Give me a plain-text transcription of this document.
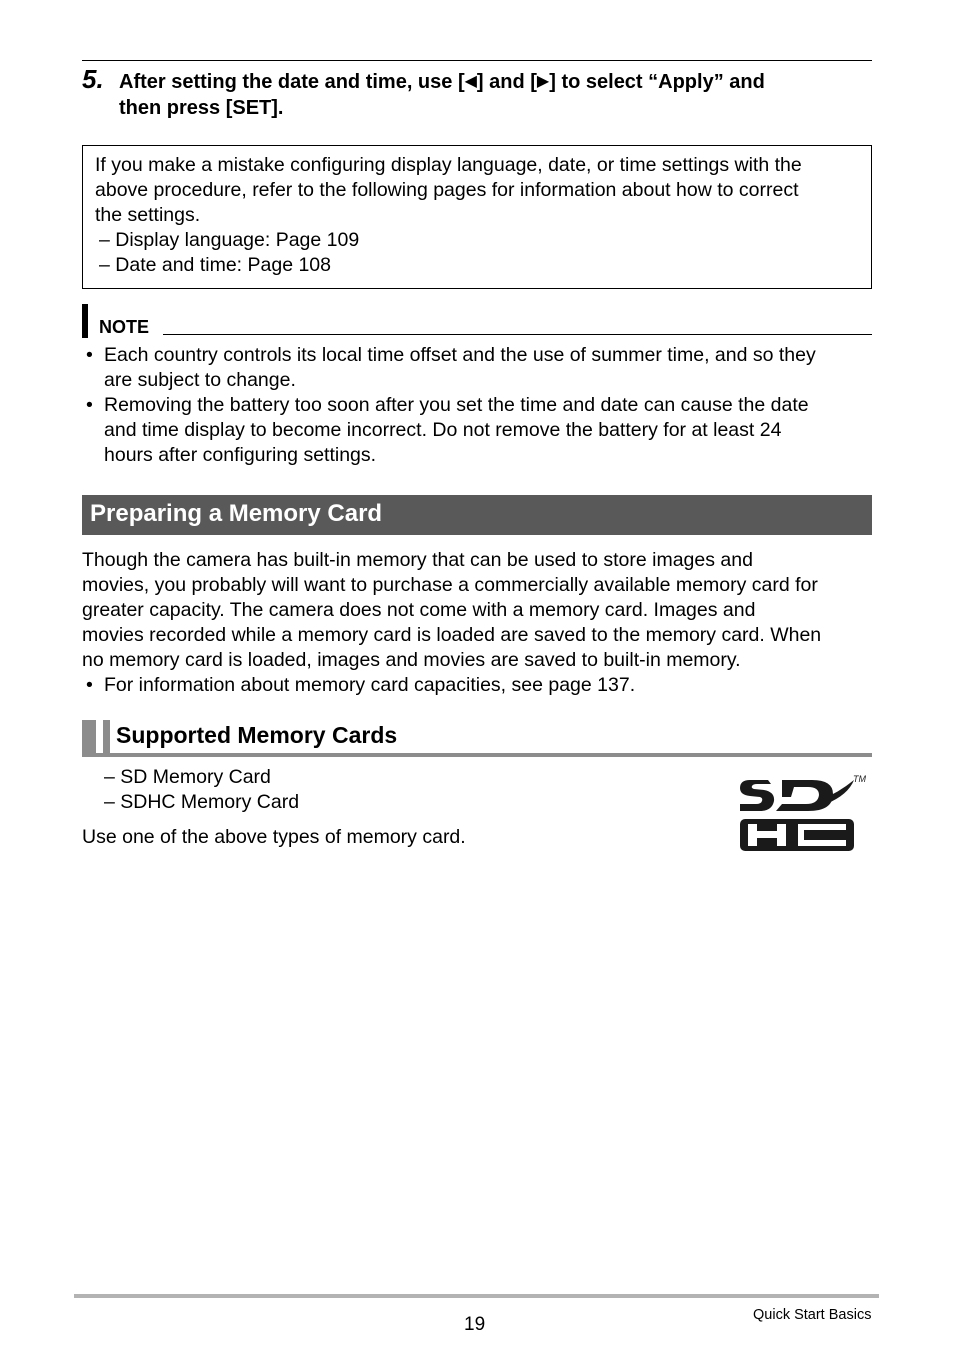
5. After setting the date and time, use [◀] and [▶] to select “Apply” and
then press [SET].
If you make a mistake configuring display language, date, or time settings with the
above procedure, refer to the following pages for information about how to correct
the settings.
– Display language: Page 109
– Date and time: Page 108
NOTE
• Each country controls its local time offset and the use of summer time, and so they
are subject to change.
• Removing the battery too soon after you set the time and date can cause the date
and time display to become incorrect. Do not remove the battery for at least 24
hours after configuring settings.
Preparing a Memory Card
Though the camera has built-in memory that can be used to store images and
movies, you probably will want to purchase a commercially available memory card for
greater capacity. The camera does not come with a memory card. Images and
movies recorded while a memory card is loaded are saved to the memory card. When
no memory card is loaded, images and movies are saved to built-in memory.
• For information about memory card capacities, see page 137.
Supported Memory Cards
– SD Memory Card
– SDHC Memory Card
Use one of the above types of memory card.
TM
19	Quick Start Basics
